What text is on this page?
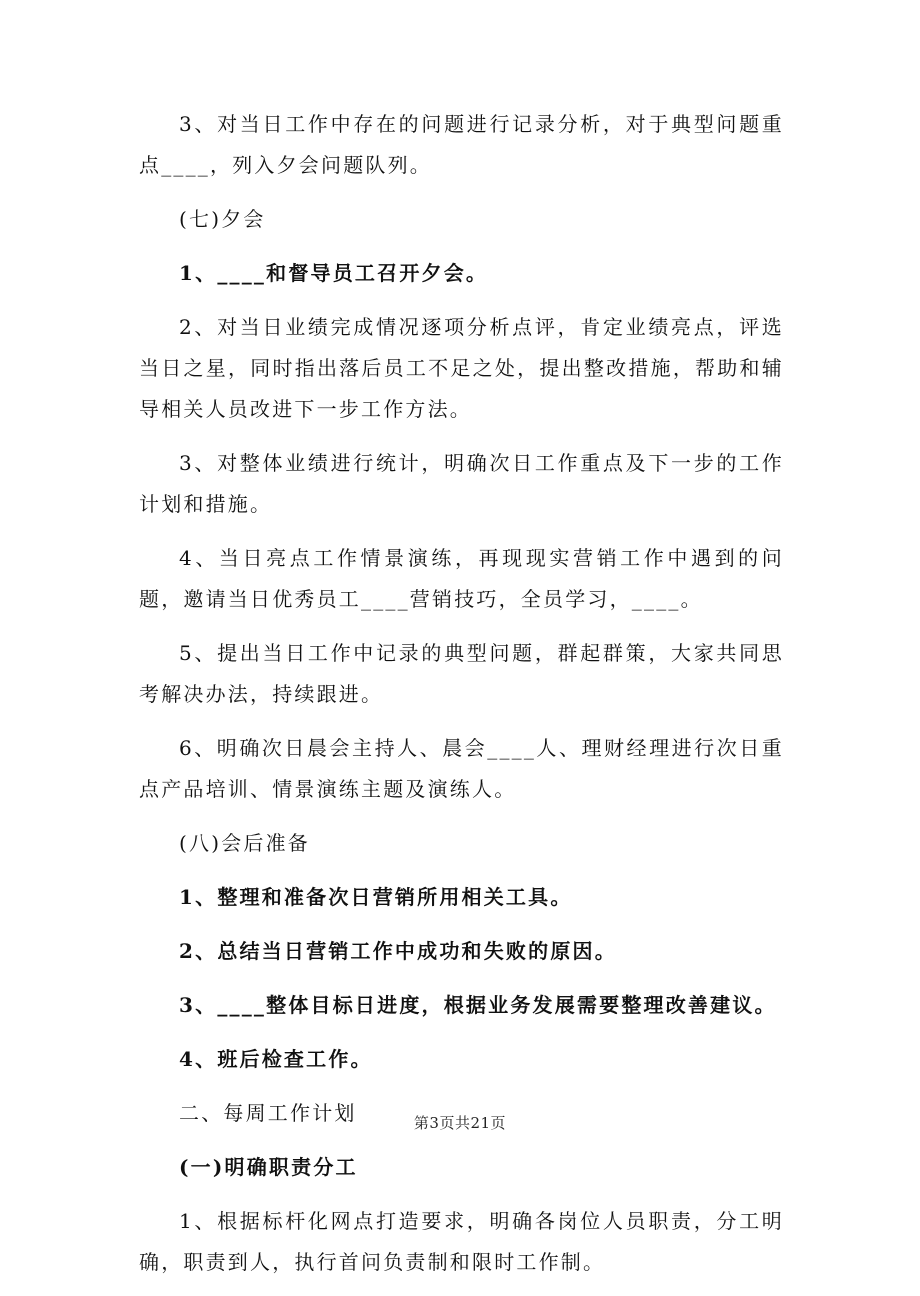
3、对当日工作中存在的问题进行记录分析，对于典型问题重点____，列入夕会问题队列。

(七)夕会

1、____和督导员工召开夕会。

2、对当日业绩完成情况逐项分析点评，肯定业绩亮点，评选当日之星，同时指出落后员工不足之处，提出整改措施，帮助和辅导相关人员改进下一步工作方法。

3、对整体业绩进行统计，明确次日工作重点及下一步的工作计划和措施。

4、当日亮点工作情景演练，再现现实营销工作中遇到的问题，邀请当日优秀员工____营销技巧，全员学习，____。

5、提出当日工作中记录的典型问题，群起群策，大家共同思考解决办法，持续跟进。

6、明确次日晨会主持人、晨会____人、理财经理进行次日重点产品培训、情景演练主题及演练人。

(八)会后准备

1、整理和准备次日营销所用相关工具。

2、总结当日营销工作中成功和失败的原因。

3、____整体目标日进度，根据业务发展需要整理改善建议。

4、班后检查工作。

二、每周工作计划

(一)明确职责分工

1、根据标杆化网点打造要求，明确各岗位人员职责，分工明确，职责到人，执行首问负责制和限时工作制。

第3页共21页
